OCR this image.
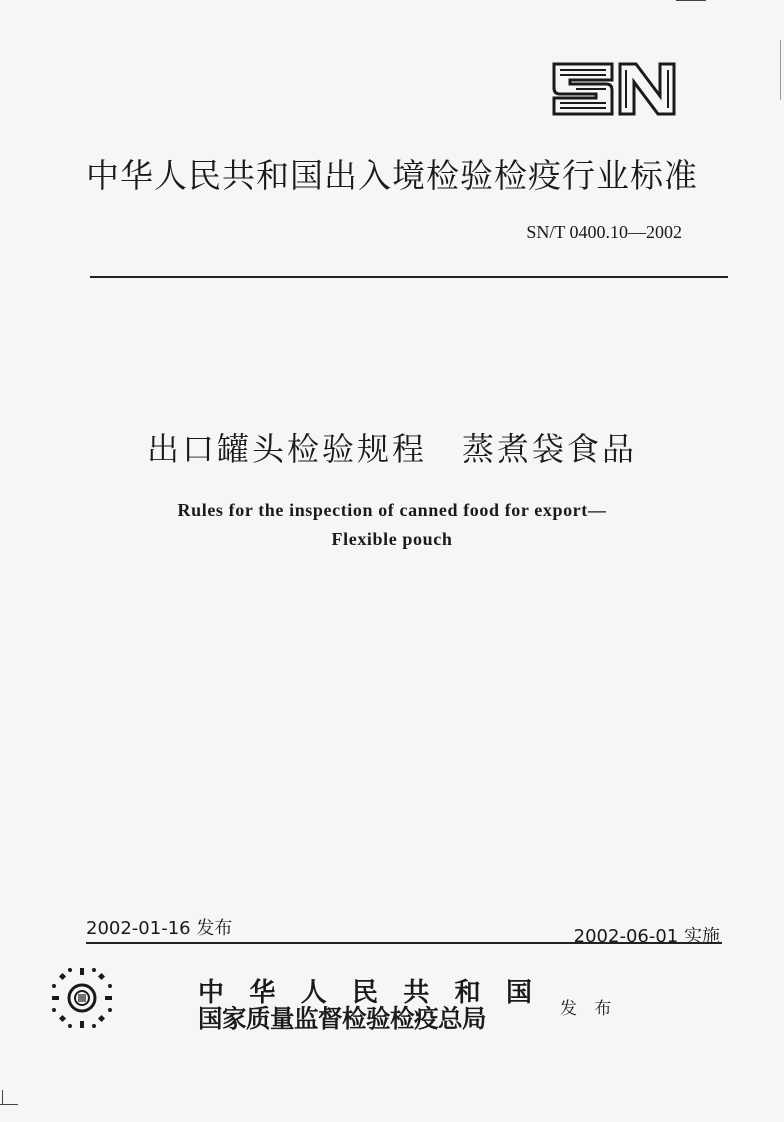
中华人民共和国出入境检验检疫行业标准
SN/T 0400.10—2002
出口罐头检验规程　蒸煮袋食品
Rules for the inspection of canned food for export—
Flexible pouch
2002-01-16 发布	2002-06-01 实施
中 华 人 民 共 和 国
国家质量监督检验检疫总局	发 布
